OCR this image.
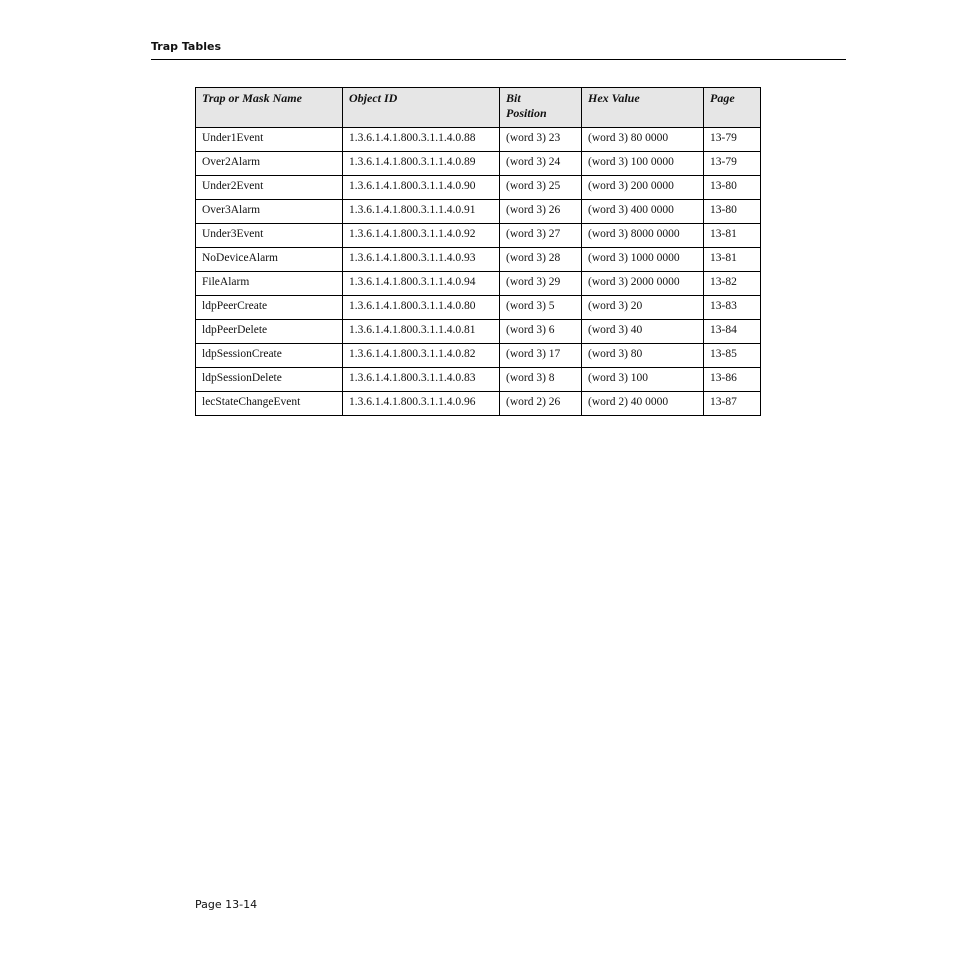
Trap Tables
Trap or Mask Name	Object ID	Bit Position	Hex Value	Page
Under1Event	1.3.6.1.4.1.800.3.1.1.4.0.88	(word 3) 23	(word 3) 80 0000	13-79
Over2Alarm	1.3.6.1.4.1.800.3.1.1.4.0.89	(word 3) 24	(word 3) 100 0000	13-79
Under2Event	1.3.6.1.4.1.800.3.1.1.4.0.90	(word 3) 25	(word 3) 200 0000	13-80
Over3Alarm	1.3.6.1.4.1.800.3.1.1.4.0.91	(word 3) 26	(word 3) 400 0000	13-80
Under3Event	1.3.6.1.4.1.800.3.1.1.4.0.92	(word 3) 27	(word 3) 8000 0000	13-81
NoDeviceAlarm	1.3.6.1.4.1.800.3.1.1.4.0.93	(word 3) 28	(word 3) 1000 0000	13-81
FileAlarm	1.3.6.1.4.1.800.3.1.1.4.0.94	(word 3) 29	(word 3) 2000 0000	13-82
ldpPeerCreate	1.3.6.1.4.1.800.3.1.1.4.0.80	(word 3) 5	(word 3) 20	13-83
ldpPeerDelete	1.3.6.1.4.1.800.3.1.1.4.0.81	(word 3) 6	(word 3) 40	13-84
ldpSessionCreate	1.3.6.1.4.1.800.3.1.1.4.0.82	(word 3) 17	(word 3) 80	13-85
ldpSessionDelete	1.3.6.1.4.1.800.3.1.1.4.0.83	(word 3) 8	(word 3) 100	13-86
lecStateChangeEvent	1.3.6.1.4.1.800.3.1.1.4.0.96	(word 2) 26	(word 2) 40 0000	13-87
Page 13-14
